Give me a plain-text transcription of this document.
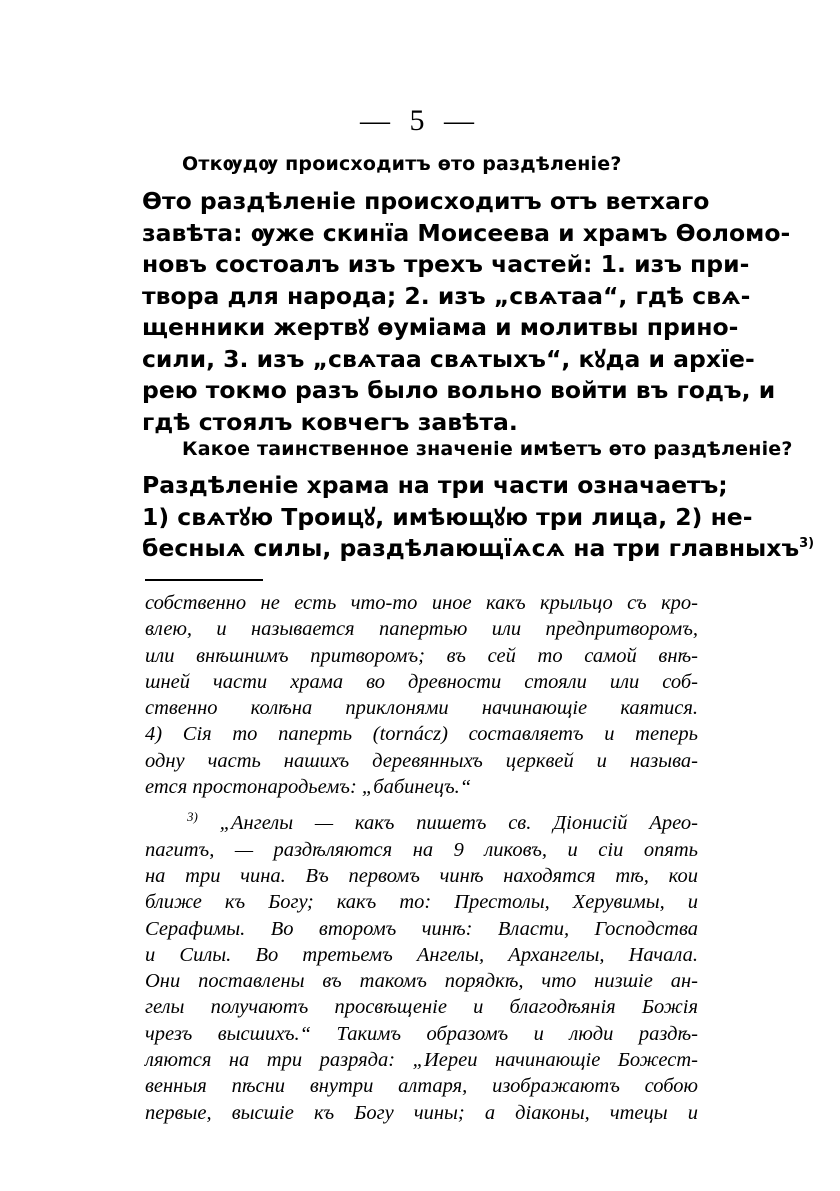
— 5 —
Откѹдѹ происходитъ ѳто раздѣленіе?
Ѳто раздѣленіе происходитъ отъ ветхаго
завѣта: ѹже скинїа Моисеева и храмъ Ѳоломо-
новъ состоалъ изъ трехъ частей: 1. изъ при-
твора для народа; 2. изъ „свѧтаа“, гдѣ свѧ-
щенники жертвꙋ ѳуміама и молитвы прино-
сили, 3. изъ „свѧтаа свѧтыхъ“, кꙋда и архїе-
рею токмо разъ было вольно войти въ годъ, и
гдѣ стоялъ ковчегъ завѣта.
Какое таинственное значеніе имѣетъ ѳто раздѣленіе?
Раздѣленіе храма на три части означаетъ;
1) свѧтꙋю Троицꙋ, имѣющꙋю три лица, 2) не-
бесныѧ силы, раздѣлающїѧсѧ на три главныхъ$^{3)}$
собственно не есть что-то иное какъ крыльцо съ кро-
влею, и называется папертью или предпритворомъ,
или внѣшнимъ притворомъ; въ сей то самой внѣ-
шней части храма во древности стояли или соб-
ственно колѣна приклонями начинающіе каятися.
4) Сія то паперть (tornácz) составляетъ и теперь
одну часть нашихъ деревянныхъ церквей и называ-
ется простонародьемъ: „бабинецъ.“
$^{3)}$ „Ангелы — какъ пишетъ св. Діонисій Арео-
пагитъ, — раздѣляются на 9 ликовъ, и сіи опять
на три чина. Въ первомъ чинѣ находятся тѣ, кои
ближе къ Богу; какъ то: Престолы, Херувимы, и
Серафимы. Во второмъ чинѣ: Власти, Господства
и Силы. Во третьемъ Ангелы, Архангелы, Начала.
Они поставлены въ такомъ порядкѣ, что низшіе ан-
гелы получаютъ просвѣщеніе и благодѣянія Божія
чрезъ высшихъ.“ Такимъ образомъ и люди раздѣ-
ляются на три разряда: „Иереи начинающіе Божест-
венныя пѣсни внутри алтаря, изображаютъ собою
первые, высшіе къ Богу чины; а діаконы, чтецы и
